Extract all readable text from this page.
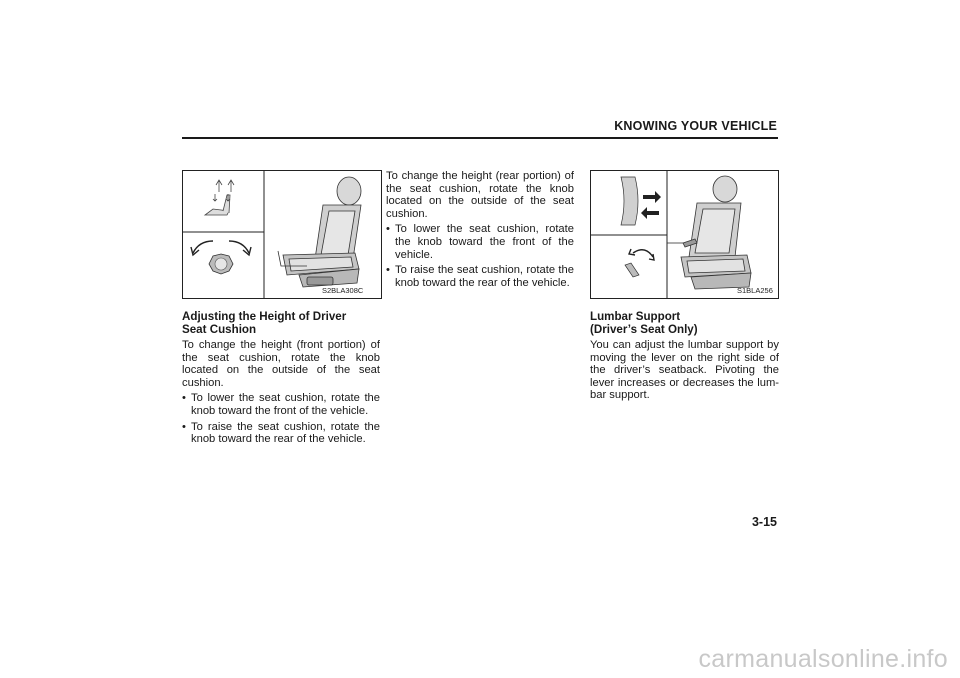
KNOWING YOUR VEHICLE
S2BLA308C	S1BLA256
Adjusting the Height of Driver
Seat Cushion

To change the height (front portion) of the seat cushion, rotate the knob located on the outside of the seat cushion.

• To lower the seat cushion, rotate the knob toward the front of the vehicle.
• To raise the seat cushion, rotate the knob toward the rear of the vehicle.

To change the height (rear portion) of the seat cushion, rotate the knob located on the outside of the seat cushion.

• To lower the seat cushion, rotate the knob toward the front of the vehicle.
• To raise the seat cushion, rotate the knob toward the rear of the vehicle.
Lumbar Support
(Driver’s Seat Only)

You can adjust the lumbar support by moving the lever on the right side of the driver’s seatback. Pivoting the lever increases or decreases the lum-bar support.

3-15
carmanualsonline.info
